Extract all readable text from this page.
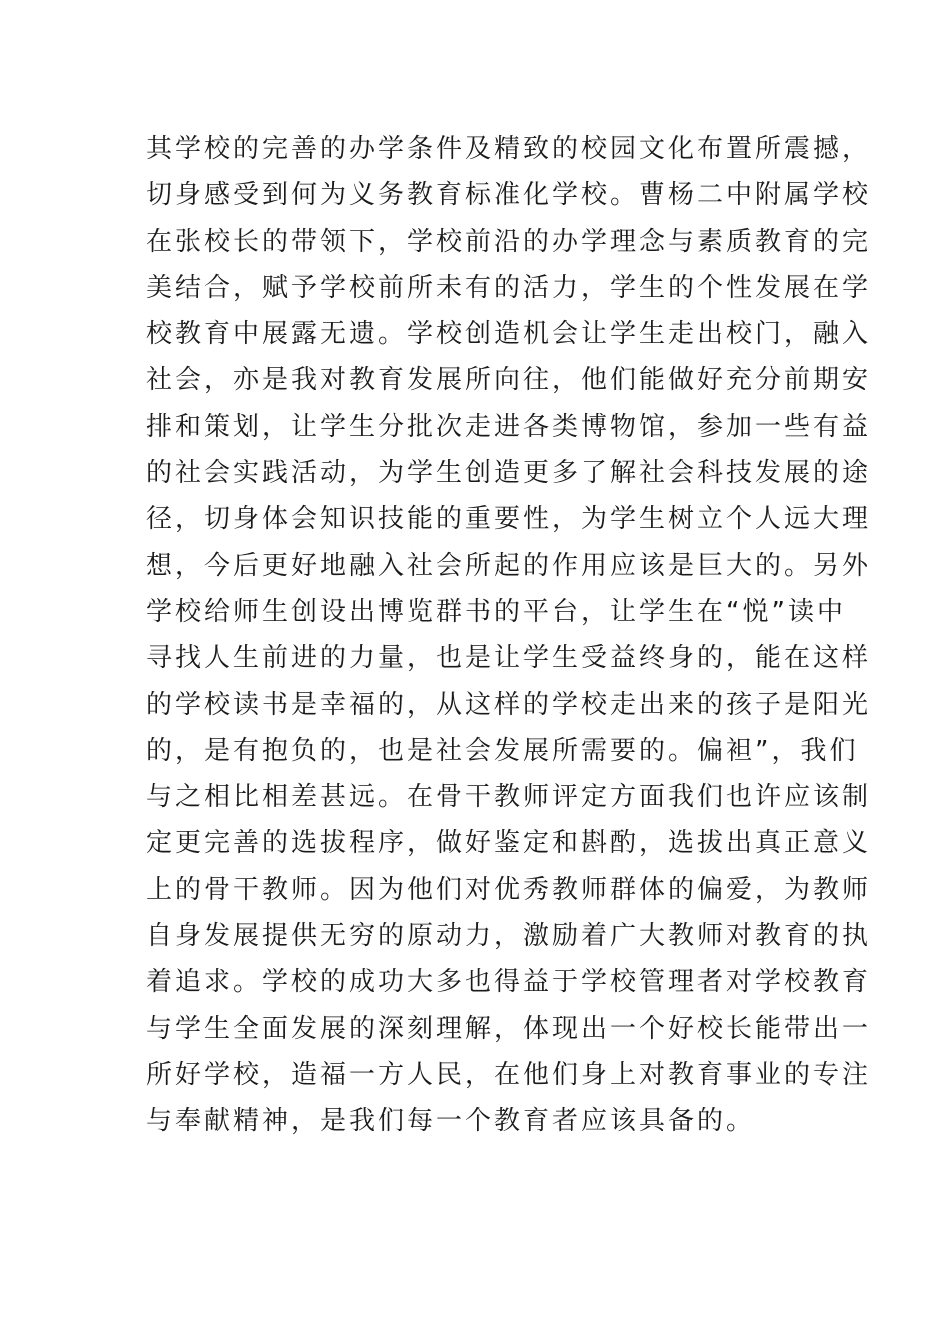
其学校的完善的办学条件及精致的校园文化布置所震撼，
切身感受到何为义务教育标准化学校。曹杨二中附属学校
在张校长的带领下，学校前沿的办学理念与素质教育的完
美结合，赋予学校前所未有的活力，学生的个性发展在学
校教育中展露无遗。学校创造机会让学生走出校门，融入
社会，亦是我对教育发展所向往，他们能做好充分前期安
排和策划，让学生分批次走进各类博物馆，参加一些有益
的社会实践活动，为学生创造更多了解社会科技发展的途
径，切身体会知识技能的重要性，为学生树立个人远大理
想，今后更好地融入社会所起的作用应该是巨大的。另外
学校给师生创设出博览群书的平台，让学生在“悦”读中
寻找人生前进的力量，也是让学生受益终身的，能在这样
的学校读书是幸福的，从这样的学校走出来的孩子是阳光
的，是有抱负的，也是社会发展所需要的。偏袒”，我们
与之相比相差甚远。在骨干教师评定方面我们也许应该制
定更完善的选拔程序，做好鉴定和斟酌，选拔出真正意义
上的骨干教师。因为他们对优秀教师群体的偏爱，为教师
自身发展提供无穷的原动力，激励着广大教师对教育的执
着追求。学校的成功大多也得益于学校管理者对学校教育
与学生全面发展的深刻理解，体现出一个好校长能带出一
所好学校，造福一方人民，在他们身上对教育事业的专注
与奉献精神，是我们每一个教育者应该具备的。
